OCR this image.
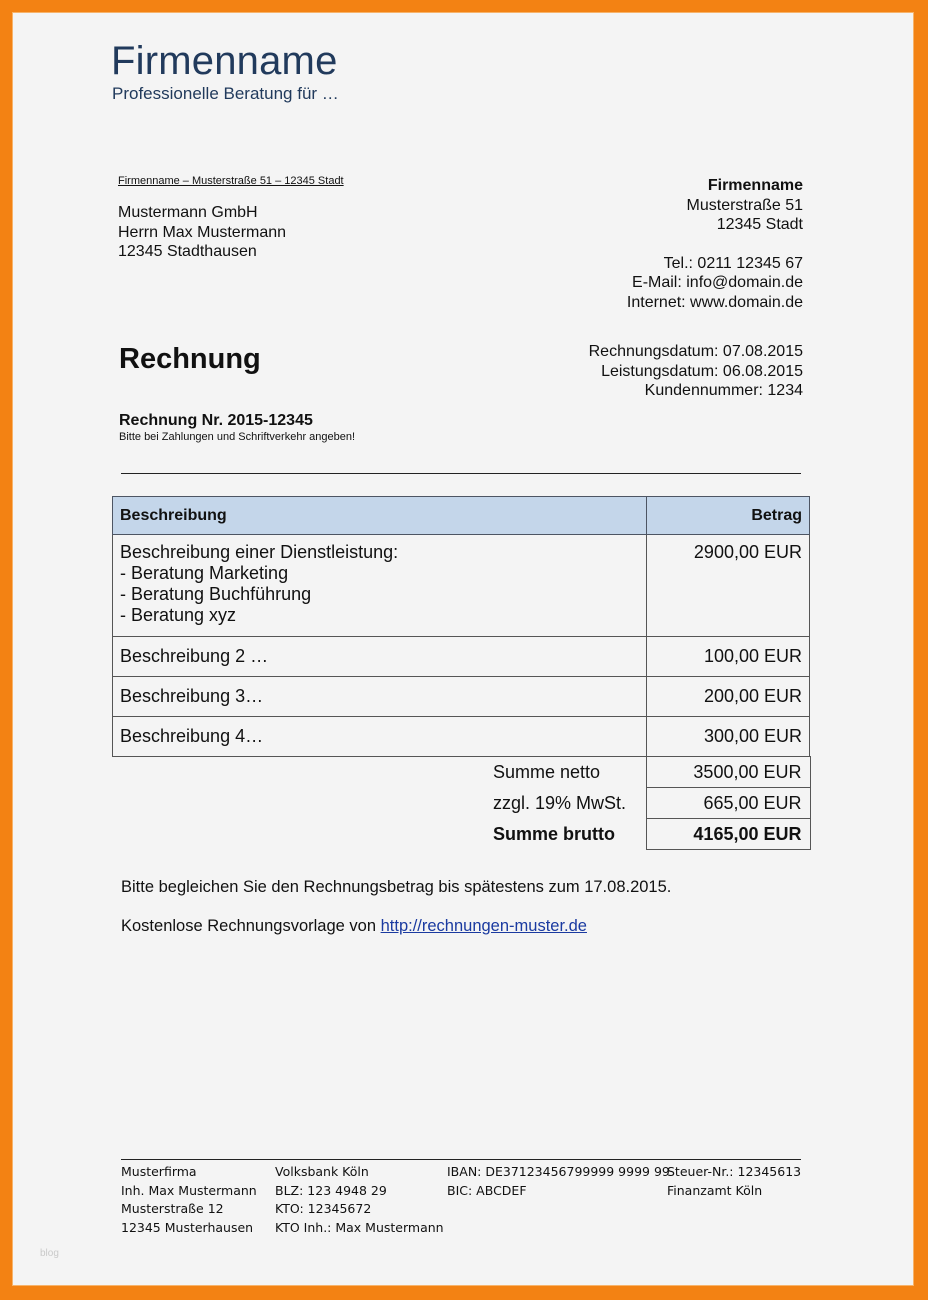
Firmenname
Professionelle Beratung für …
Firmenname – Musterstraße 51 – 12345 Stadt
Mustermann GmbH
Herrn Max Mustermann
12345 Stadthausen
Firmenname
Musterstraße 51
12345 Stadt
Tel.: 0211 12345 67
E-Mail: info@domain.de
Internet: www.domain.de
Rechnung	Rechnungsdatum: 07.08.2015
Leistungsdatum: 06.08.2015
Kundennummer: 1234
Rechnung Nr. 2015-12345
Bitte bei Zahlungen und Schriftverkehr angeben!
Beschreibung	Betrag

Beschreibung einer Dienstleistung:
- Beratung Marketing
- Beratung Buchführung
- Beratung xyz	2900,00 EUR
Beschreibung 2 …	100,00 EUR
Beschreibung 3…	200,00 EUR
Beschreibung 4…	300,00 EUR
Summe netto	3500,00 EUR
zzgl. 19% MwSt.	665,00 EUR
Summe brutto	4165,00 EUR
Bitte begleichen Sie den Rechnungsbetrag bis spätestens zum 17.08.2015.
Kostenlose Rechnungsvorlage von http://rechnungen-muster.de
Musterfirma
Inh. Max Mustermann
Musterstraße 12
12345 Musterhausen
Volksbank Köln
BLZ: 123 4948 29
KTO: 12345672
KTO Inh.: Max Mustermann
IBAN: DE37123456799999 9999 99
BIC: ABCDEF
Steuer-Nr.: 12345613
Finanzamt Köln
blog
